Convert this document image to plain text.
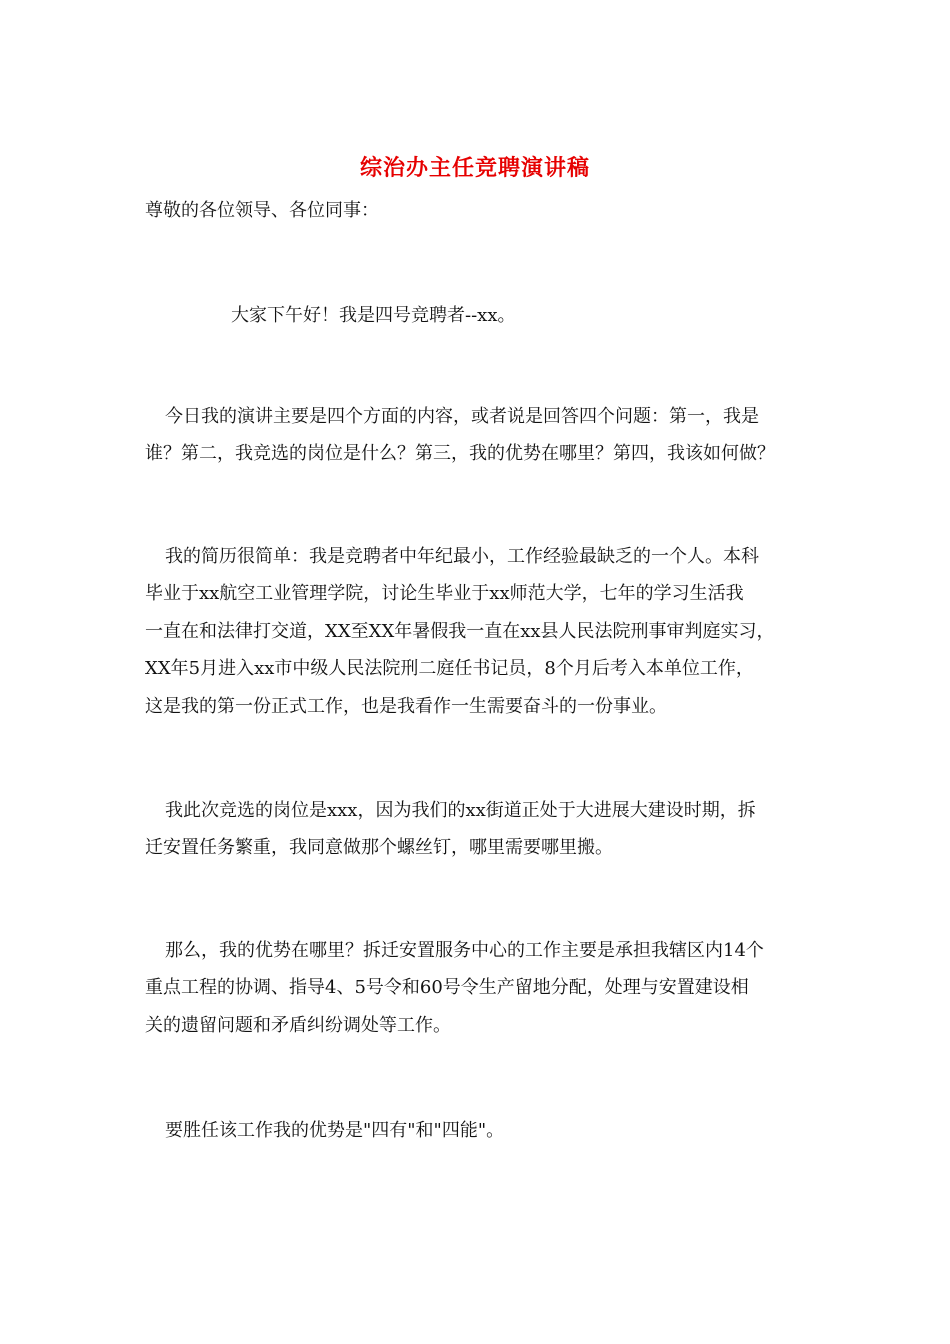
综治办主任竞聘演讲稿
尊敬的各位领导、各位同事：
大家下午好！我是四号竞聘者--xx。
今日我的演讲主要是四个方面的内容，或者说是回答四个问题：第一，我是
谁？第二，我竞选的岗位是什么？第三，我的优势在哪里？第四，我该如何做？
我的简历很简单：我是竞聘者中年纪最小，工作经验最缺乏的一个人。本科
毕业于xx航空工业管理学院，讨论生毕业于xx师范大学，七年的学习生活我
一直在和法律打交道，XX至XX年暑假我一直在xx县人民法院刑事审判庭实习，
XX年5月进入xx市中级人民法院刑二庭任书记员，8个月后考入本单位工作，
这是我的第一份正式工作，也是我看作一生需要奋斗的一份事业。
我此次竞选的岗位是xxx，因为我们的xx街道正处于大进展大建设时期，拆
迁安置任务繁重，我同意做那个螺丝钉，哪里需要哪里搬。
那么，我的优势在哪里？拆迁安置服务中心的工作主要是承担我辖区内14个
重点工程的协调、指导4、5号令和60号令生产留地分配，处理与安置建设相
关的遗留问题和矛盾纠纷调处等工作。
要胜任该工作我的优势是"四有"和"四能"。
